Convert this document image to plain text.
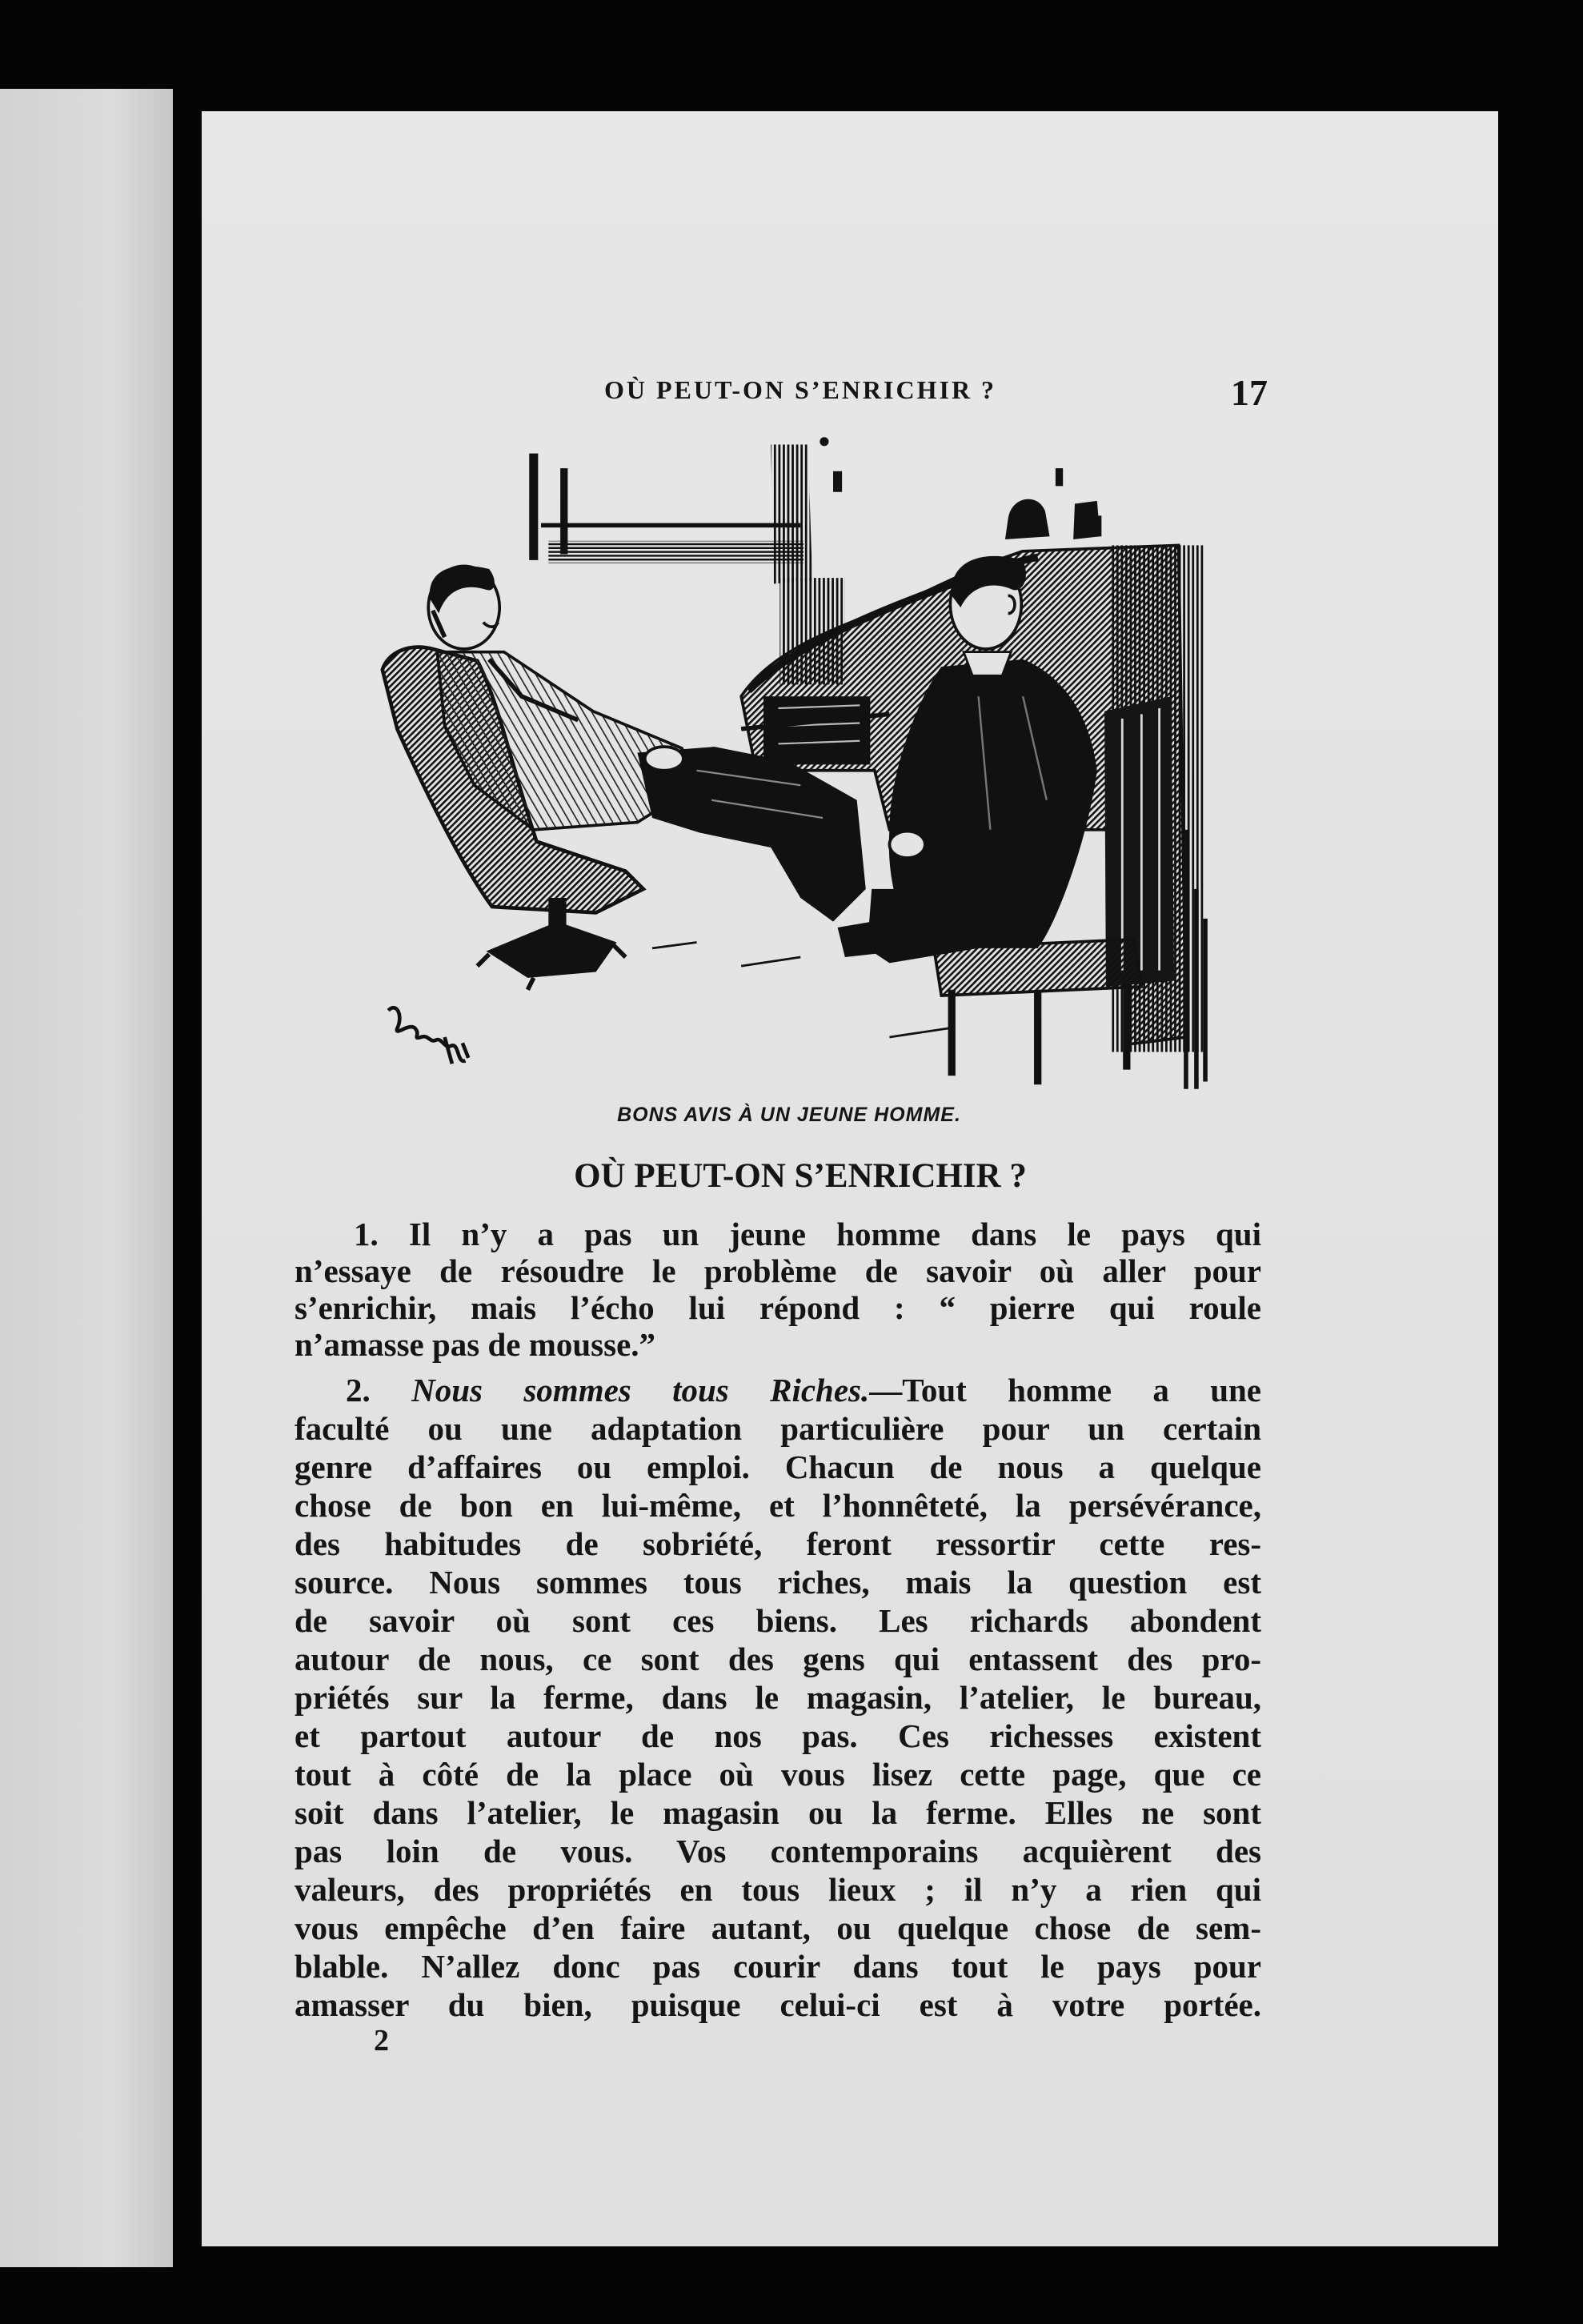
OÙ PEUT-ON S’ENRICHIR ?	17
BONS AVIS À UN JEUNE HOMME.
OÙ PEUT-ON S’ENRICHIR ?
1. Il n’y a pas un jeune homme dans le pays qui
n’essaye de résoudre le problème de savoir où aller pour
s’enrichir, mais l’écho lui répond : “ pierre qui roule
n’amasse pas de mousse.”
2. Nous sommes tous Riches.—Tout homme a une
faculté ou une adaptation particulière pour un certain
genre d’affaires ou emploi. Chacun de nous a quelque
chose de bon en lui-même, et l’honnêteté, la persévérance,
des habitudes de sobriété, feront ressortir cette res-
source. Nous sommes tous riches, mais la question est
de savoir où sont ces biens. Les richards abondent
autour de nous, ce sont des gens qui entassent des pro-
priétés sur la ferme, dans le magasin, l’atelier, le bureau,
et partout autour de nos pas. Ces richesses existent
tout à côté de la place où vous lisez cette page, que ce
soit dans l’atelier, le magasin ou la ferme. Elles ne sont
pas loin de vous. Vos contemporains acquièrent des
valeurs, des propriétés en tous lieux ; il n’y a rien qui
vous empêche d’en faire autant, ou quelque chose de sem-
blable. N’allez donc pas courir dans tout le pays pour
amasser du bien, puisque celui-ci est à votre portée.
2
